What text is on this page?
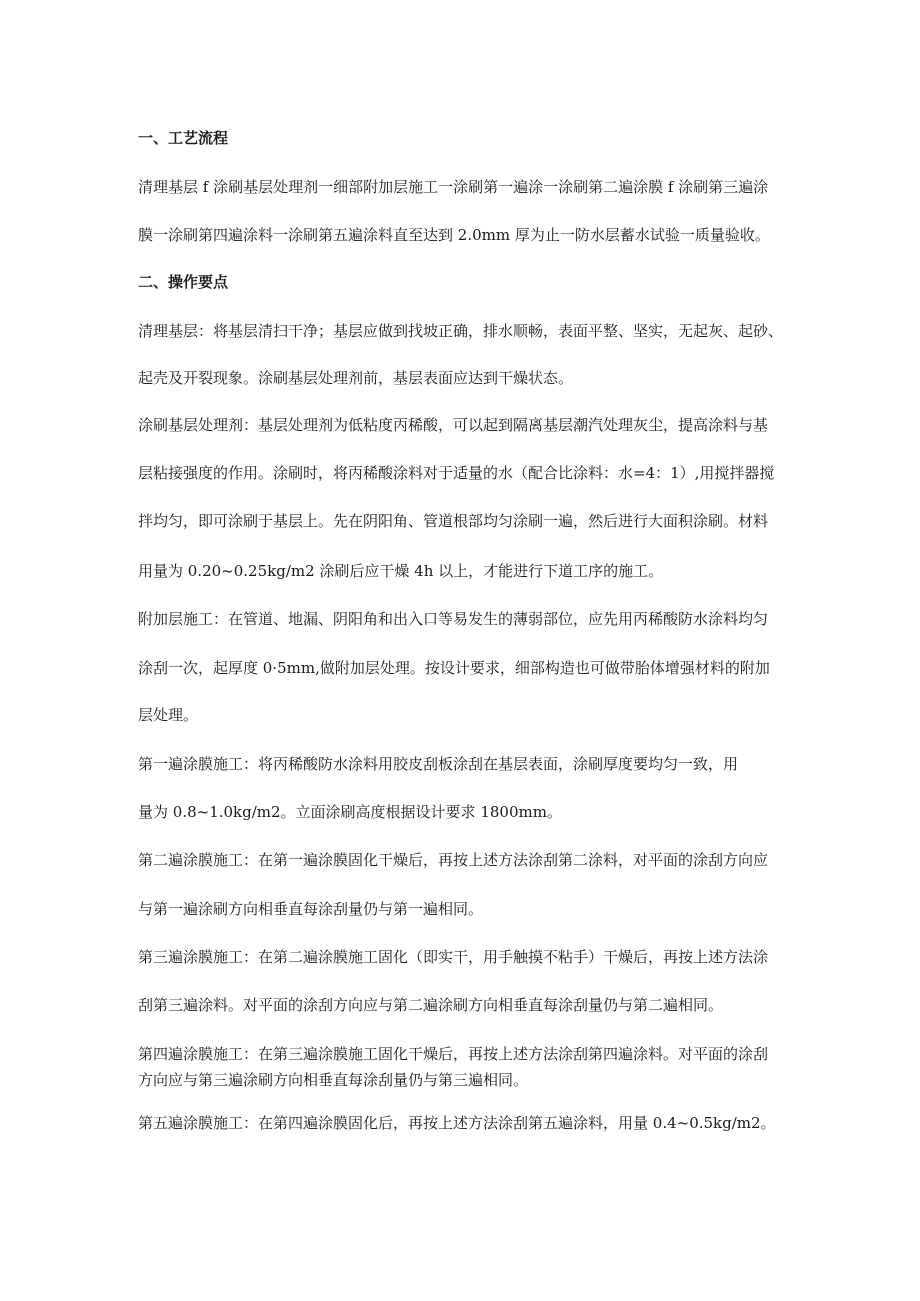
一、工艺流程
清理基层 f 涂刷基层处理剂一细部附加层施工一涂刷第一遍涂一涂刷第二遍涂膜 f 涂刷第三遍涂
膜一涂刷第四遍涂料一涂刷第五遍涂料直至达到 2.0mm 厚为止一防水层蓄水试验一质量验收。
二、操作要点
清理基层：将基层清扫干净；基层应做到找坡正确，排水顺畅，表面平整、坚实，无起灰、起砂、
起壳及开裂现象。涂刷基层处理剂前，基层表面应达到干燥状态。
涂刷基层处理剂：基层处理剂为低粘度丙稀酸，可以起到隔离基层潮汽处理灰尘，提高涂料与基
层粘接强度的作用。涂刷时，将丙稀酸涂料对于适量的水（配合比涂料：水=4：1）,用搅拌器搅
拌均匀，即可涂刷于基层上。先在阴阳角、管道根部均匀涂刷一遍，然后进行大面积涂刷。材料
用量为 0.20~0.25kg/m2 涂刷后应干燥 4h 以上，才能进行下道工序的施工。
附加层施工：在管道、地漏、阴阳角和出入口等易发生的薄弱部位，应先用丙稀酸防水涂料均匀
涂刮一次，起厚度 0·5mm,做附加层处理。按设计要求，细部构造也可做带胎体增强材料的附加
层处理。
第一遍涂膜施工：将丙稀酸防水涂料用胶皮刮板涂刮在基层表面，涂刷厚度要均匀一致，用
量为 0.8~1.0kg/m2。立面涂刷高度根据设计要求 1800mm。
第二遍涂膜施工：在第一遍涂膜固化干燥后，再按上述方法涂刮第二涂料，对平面的涂刮方向应
与第一遍涂刷方向相垂直每涂刮量仍与第一遍相同。
第三遍涂膜施工：在第二遍涂膜施工固化（即实干，用手触摸不粘手）干燥后，再按上述方法涂
刮第三遍涂料。对平面的涂刮方向应与第二遍涂刷方向相垂直每涂刮量仍与第二遍相同。
第四遍涂膜施工：在第三遍涂膜施工固化干燥后，再按上述方法涂刮第四遍涂料。对平面的涂刮
方向应与第三遍涂刷方向相垂直每涂刮量仍与第三遍相同。
第五遍涂膜施工：在第四遍涂膜固化后，再按上述方法涂刮第五遍涂料，用量 0.4~0.5kg/m2。
